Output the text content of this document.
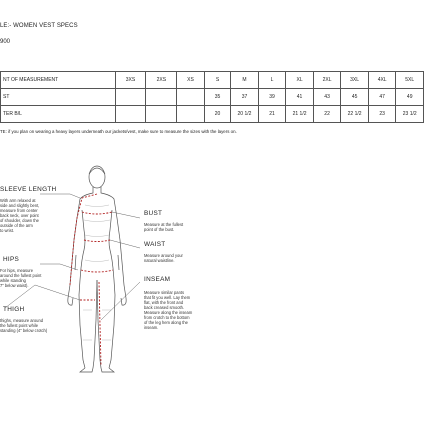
LE:- WOMEN VEST SPECS
900
NT OF MEASUREMENT	3XS	2XS	XS	S	M	L	XL	2XL	3XL	4XL	5XL
ST				35	37	39	41	43	45	47	49
TER B/L				20	20 1/2	21	21 1/2	22	22 1/2	23	23 1/2
TE: if you plan on wearing a heavy layers underneath our jackets/vest, make sure to measure the sizes with the layers on.
SLEEVE LENGTH
With arm relaxed at
side and slightly bent,
measure from center
back neck, over point
of shoulder, down the
outside of the arm
to wrist.
HIPS
For hips, measure
around the fullest point
while standing
7" below waist).
THIGH
thighs, measure around
the fullest point while
standing (4" below crotch)
BUST
Measure at the fullest
point of the bust.
WAIST
Measure around your
natural waistline.
INSEAM
Measure similar pants
that fit you well. Lay them
flat, with the front and
back creased smooth.
Measure along the inseam
from crotch to the bottom
of the leg hem along the
inseam.
